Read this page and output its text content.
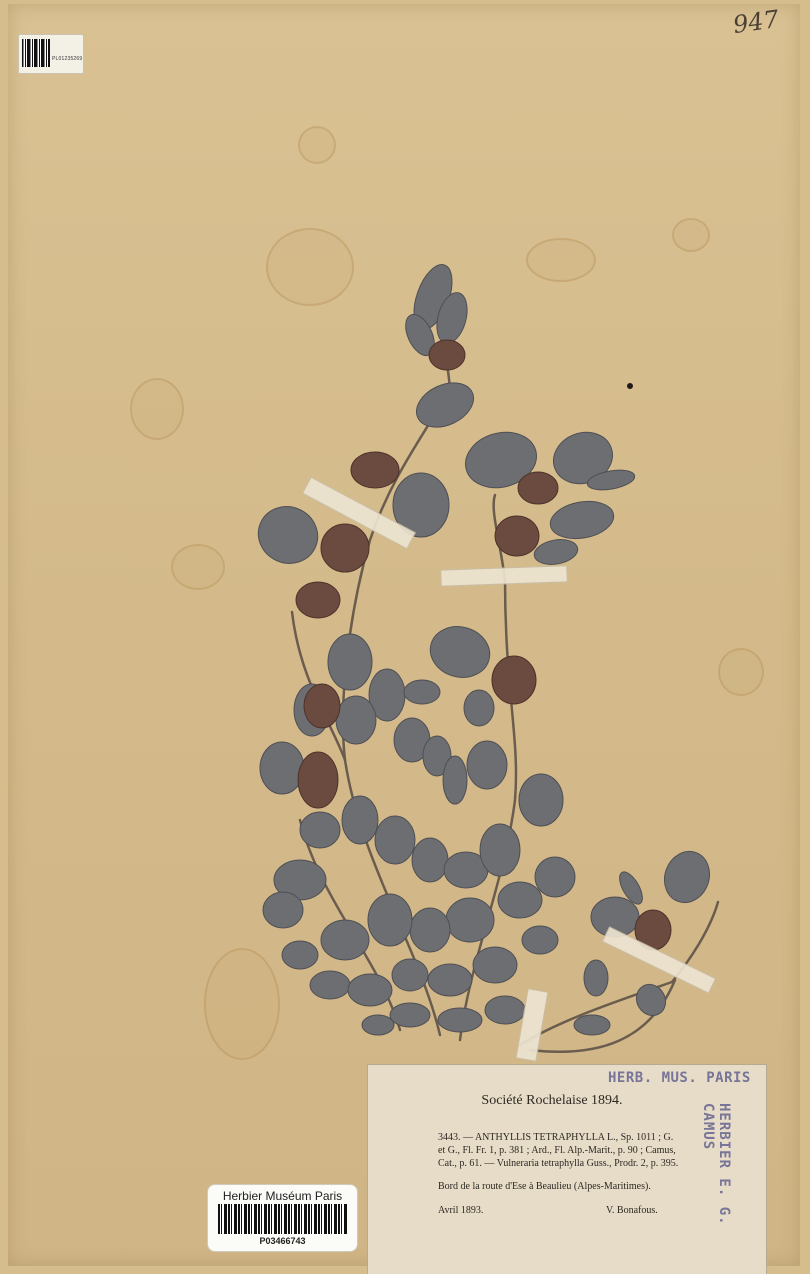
PL01235269
947
HERB. MUS. PARIS
HERBIER E. G. CAMUS
Société Rochelaise 1894.
3443. — ANTHYLLIS TETRAPHYLLA L., Sp. 1011 ; G.
et G., Fl. Fr. 1, p. 381 ; Ard., Fl. Alp.-Marit., p. 90 ; Camus,
Cat., p. 61. — Vulneraria tetraphylla Guss., Prodr. 2, p. 395.
Bord de la route d'Ese à Beaulieu (Alpes-Maritimes).
Avril 1893.	V. Bonafous.
Herbier Muséum Paris
P03466743
